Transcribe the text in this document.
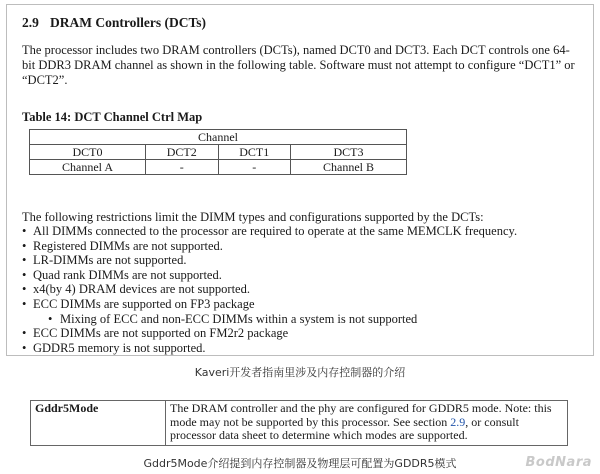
2.9 DRAM Controllers (DCTs)
The processor includes two DRAM controllers (DCTs), named DCT0 and DCT3. Each DCT controls one 64-bit DDR3 DRAM channel as shown in the following table. Software must not attempt to configure “DCT1” or “DCT2”.
Table 14: DCT Channel Ctrl Map
Channel			
DCT0	DCT2	DCT1	DCT3
Channel A	-	-	Channel B
The following restrictions limit the DIMM types and configurations supported by the DCTs:
• All DIMMs connected to the processor are required to operate at the same MEMCLK frequency.
• Registered DIMMs are not supported.
• LR-DIMMs are not supported.
• Quad rank DIMMs are not supported.
• x4(by 4) DRAM devices are not supported.
• ECC DIMMs are supported on FP3 package
• Mixing of ECC and non-ECC DIMMs within a system is not supported
• ECC DIMMs are not supported on FM2r2 package
• GDDR5 memory is not supported.
Kaveri开发者指南里涉及内存控制器的介绍
Gddr5Mode	The DRAM controller and the phy are configured for GDDR5 mode. Note: this mode may not be supported by this processor. See section 2.9, or consult processor data sheet to determine which modes are supported.
Gddr5Mode介绍提到内存控制器及物理层可配置为GDDR5模式	BodNara
